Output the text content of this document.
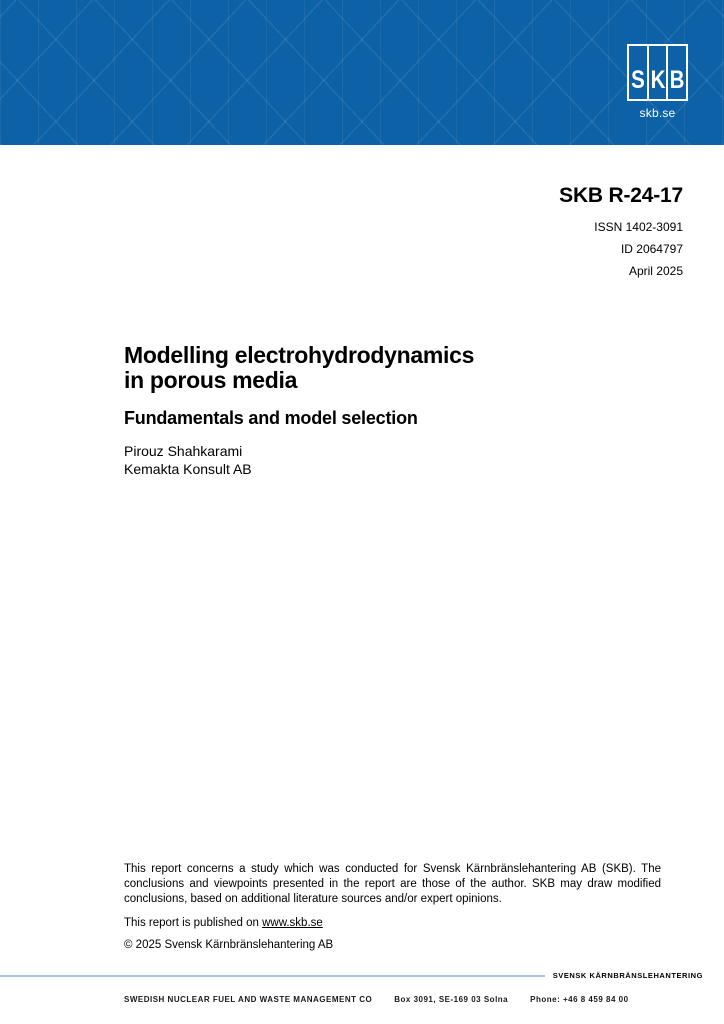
S K B
skb.se
SKB R-24-17
ISSN 1402-3091
ID 2064797
April 2025
Modelling electrohydrodynamics
in porous media
Fundamentals and model selection
Pirouz Shahkarami
Kemakta Konsult AB

This report concerns a study which was conducted for Svensk Kärnbränslehantering AB (SKB). The conclusions and viewpoints presented in the report are those of the author. SKB may draw modified conclusions, based on additional literature sources and/or expert opinions.

This report is published on www.skb.se

© 2025 Svensk Kärnbränslehantering AB

SVENSK KÄRNBRÄNSLEHANTERING
SWEDISH NUCLEAR FUEL AND WASTE MANAGEMENT CO	Box 3091, SE-169 03 Solna	Phone: +46 8 459 84 00
